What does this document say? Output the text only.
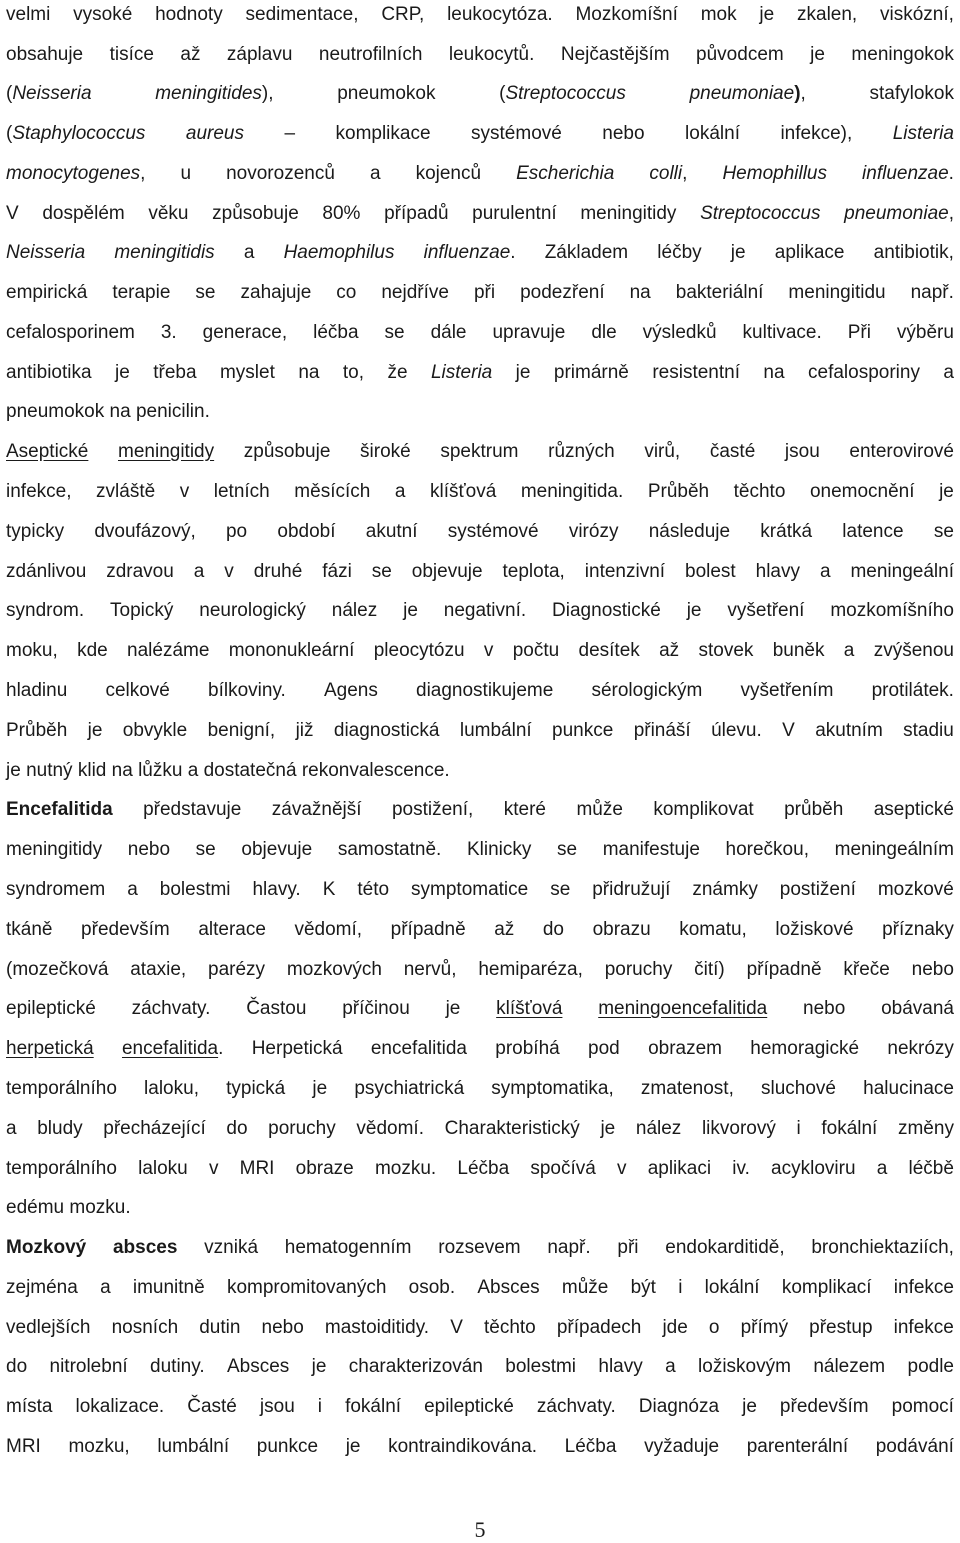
velmi vysoké hodnoty sedimentace, CRP, leukocytóza. Mozkomíšní mok je zkalen, viskózní,
obsahuje tisíce až záplavu neutrofilních leukocytů. Nejčastějším původcem je meningokok
(Neisseria	meningitides),	pneumokok	(Streptococcus	pneumoniae),	stafylokok
(Staphylococcus aureus – komplikace systémové nebo lokální infekce), Listeria
monocytogenes, u novorozenců a kojenců Escherichia colli, Hemophillus influenzae.
V dospělém věku způsobuje 80% případů purulentní meningitidy Streptococcus pneumoniae,
Neisseria meningitidis a Haemophilus influenzae. Základem léčby je aplikace antibiotik,
empirická terapie se zahajuje co nejdříve při podezření na bakteriální meningitidu např.
cefalosporinem 3. generace, léčba se dále upravuje dle výsledků kultivace. Při výběru
antibiotika je třeba myslet na to, že Listeria je primárně resistentní na cefalosporiny a
pneumokok na penicilin.
Aseptické meningitidy způsobuje široké spektrum různých virů, časté jsou enterovirové
infekce, zvláště v letních měsících a klíšťová meningitida. Průběh těchto onemocnění je
typicky dvoufázový, po období akutní systémové virózy následuje krátká latence se
zdánlivou zdravou a v druhé fázi se objevuje teplota, intenzivní bolest hlavy a meningeální
syndrom. Topický neurologický nález je negativní. Diagnostické je vyšetření mozkomíšního
moku, kde nalézáme mononukleární pleocytózu v počtu desítek až stovek buněk a zvýšenou
hladinu celkové bílkoviny. Agens diagnostikujeme sérologickým vyšetřením protilátek.
Průběh je obvykle benigní, již diagnostická lumbální punkce přináší úlevu. V akutním stadiu
je nutný klid na lůžku a dostatečná rekonvalescence.
Encefalitida představuje závažnější postižení, které může komplikovat průběh aseptické
meningitidy nebo se objevuje samostatně. Klinicky se manifestuje horečkou, meningeálním
syndromem a bolestmi hlavy. K této symptomatice se přidružují známky postižení mozkové
tkáně především alterace vědomí, případně až do obrazu komatu, ložiskové příznaky
(mozečková ataxie, parézy mozkových nervů, hemiparéza, poruchy čití) případně křeče nebo
epileptické záchvaty. Častou příčinou je klíšťová meningoencefalitida nebo obávaná
herpetická encefalitida. Herpetická encefalitida probíhá pod obrazem hemoragické nekrózy
temporálního laloku, typická je psychiatrická symptomatika, zmatenost, sluchové halucinace
a bludy přecházející do poruchy vědomí. Charakteristický je nález likvorový i fokální změny
temporálního laloku v MRI obraze mozku. Léčba spočívá v aplikaci iv. acykloviru a léčbě
edému mozku.
Mozkový absces vzniká hematogenním rozsevem např. při endokarditidě, bronchiektaziích,
zejména a imunitně kompromitovaných osob. Absces může být i lokální komplikací infekce
vedlejších nosních dutin nebo mastoiditidy. V těchto případech jde o přímý přestup infekce
do nitrolební dutiny. Absces je charakterizován bolestmi hlavy a ložiskovým nálezem podle
místa lokalizace. Časté jsou i fokální epileptické záchvaty. Diagnóza je především pomocí
MRI mozku, lumbální punkce je kontraindikována. Léčba vyžaduje parenterální podávání
5
